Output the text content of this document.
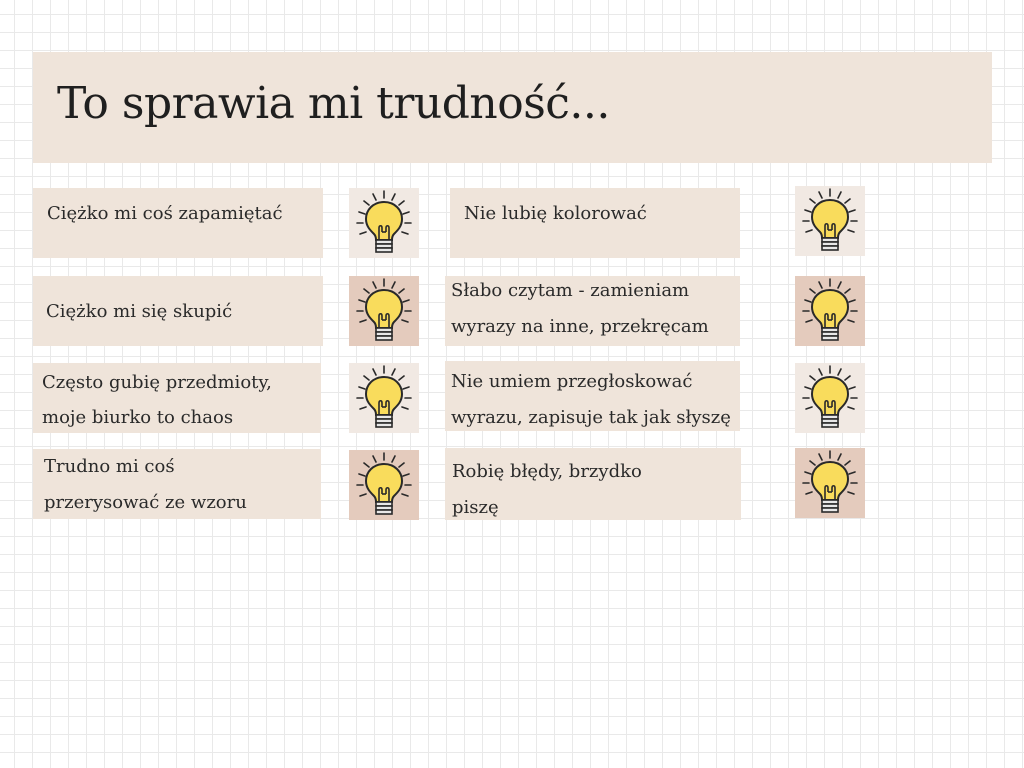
To sprawia mi trudność...
Ciężko mi coś zapamiętać	Nie lubię kolorować
Ciężko mi się skupić
Słabo czytam - zamieniam
wyrazy na inne, przekręcam
Często gubię przedmioty,
moje biurko to chaos
Nie umiem przegłoskować
wyrazu, zapisuje tak jak słyszę
Trudno mi coś
przerysować ze wzoru
Robię błędy, brzydko
piszę
